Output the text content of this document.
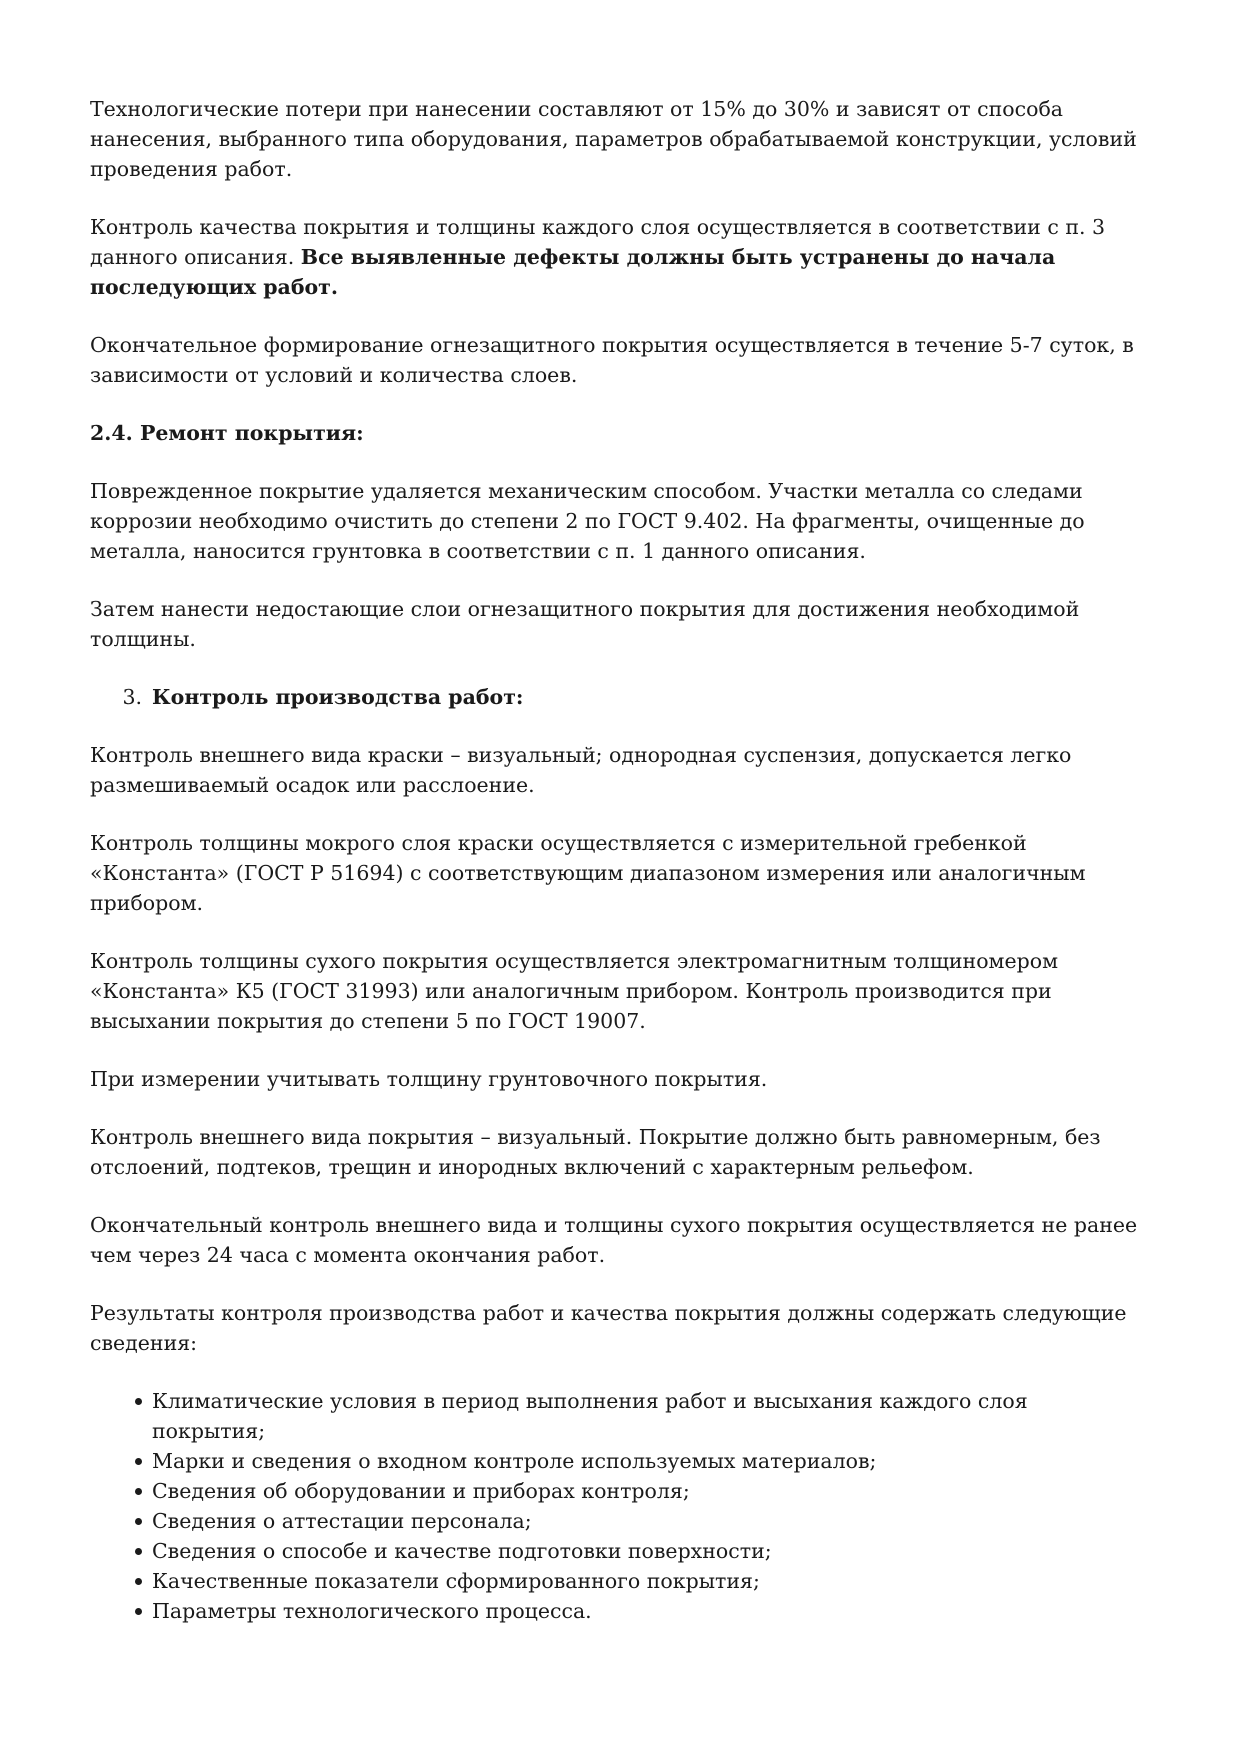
Технологические потери при нанесении составляют от 15% до 30% и зависят от способа нанесения, выбранного типа оборудования, параметров обрабатываемой конструкции, условий проведения работ.

Контроль качества покрытия и толщины каждого слоя осуществляется в соответствии с п. 3 данного описания. Все выявленные дефекты должны быть устранены до начала последующих работ.

Окончательное формирование огнезащитного покрытия осуществляется в течение 5-7 суток, в зависимости от условий и количества слоев.

2.4. Ремонт покрытия:

Поврежденное покрытие удаляется механическим способом. Участки металла со следами коррозии необходимо очистить до степени 2 по ГОСТ 9.402. На фрагменты, очищенные до металла, наносится грунтовка в соответствии с п. 1 данного описания.

Затем нанести недостающие слои огнезащитного покрытия для достижения необходимой толщины.

3. Контроль производства работ:

Контроль внешнего вида краски – визуальный; однородная суспензия, допускается легко размешиваемый осадок или расслоение.

Контроль толщины мокрого слоя краски осуществляется с измерительной гребенкой «Константа» (ГОСТ Р 51694) с соответствующим диапазоном измерения или аналогичным прибором.

Контроль толщины сухого покрытия осуществляется электромагнитным толщиномером «Константа» К5 (ГОСТ 31993) или аналогичным прибором. Контроль производится при высыхании покрытия до степени 5 по ГОСТ 19007.

При измерении учитывать толщину грунтовочного покрытия.

Контроль внешнего вида покрытия – визуальный. Покрытие должно быть равномерным, без отслоений, подтеков, трещин и инородных включений с характерным рельефом.

Окончательный контроль внешнего вида и толщины сухого покрытия осуществляется не ранее чем через 24 часа с момента окончания работ.

Результаты контроля производства работ и качества покрытия должны содержать следующие сведения:

Климатические условия в период выполнения работ и высыхания каждого слоя покрытия;
Марки и сведения о входном контроле используемых материалов;
Сведения об оборудовании и приборах контроля;
Сведения о аттестации персонала;
Сведения о способе и качестве подготовки поверхности;
Качественные показатели сформированного покрытия;
Параметры технологического процесса.
